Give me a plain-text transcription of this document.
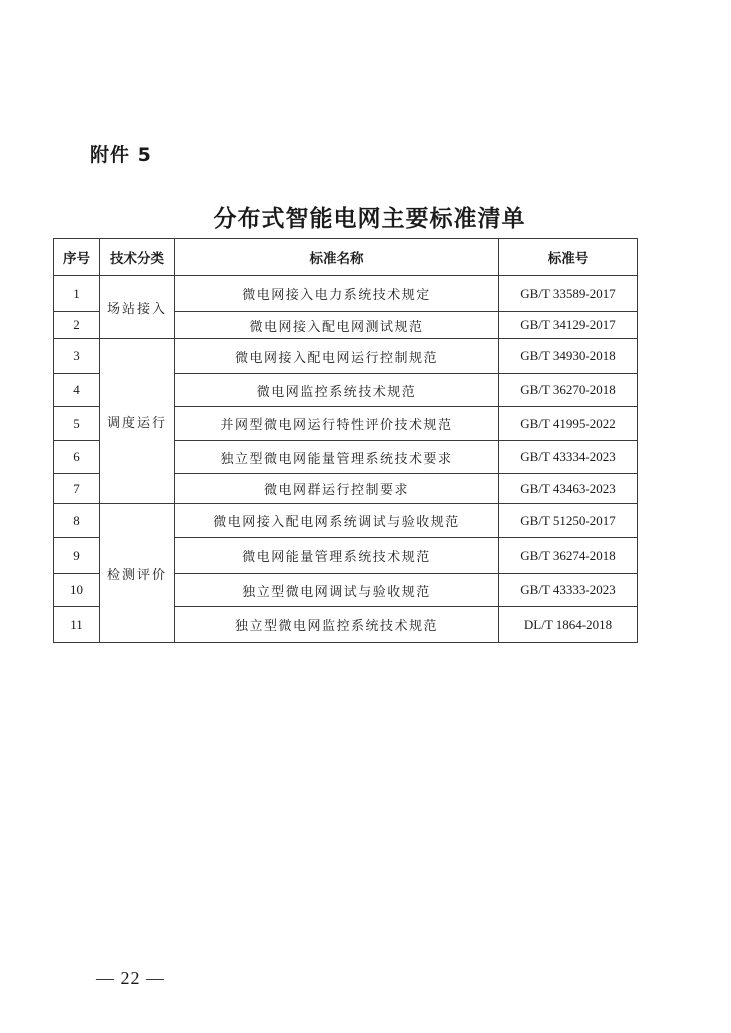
附件 5
分布式智能电网主要标准清单
序号	技术分类	标准名称	标准号
1	场站接入	微电网接入电力系统技术规定	GB/T 33589-2017
2		微电网接入配电网测试规范	GB/T 34129-2017
3	调度运行	微电网接入配电网运行控制规范	GB/T 34930-2018
4		微电网监控系统技术规范	GB/T 36270-2018
5		并网型微电网运行特性评价技术规范	GB/T 41995-2022
6		独立型微电网能量管理系统技术要求	GB/T 43334-2023
7		微电网群运行控制要求	GB/T 43463-2023
8	检测评价	微电网接入配电网系统调试与验收规范	GB/T 51250-2017
9		微电网能量管理系统技术规范	GB/T 36274-2018
10		独立型微电网调试与验收规范	GB/T 43333-2023
11		独立型微电网监控系统技术规范	DL/T 1864-2018
— 22 —
